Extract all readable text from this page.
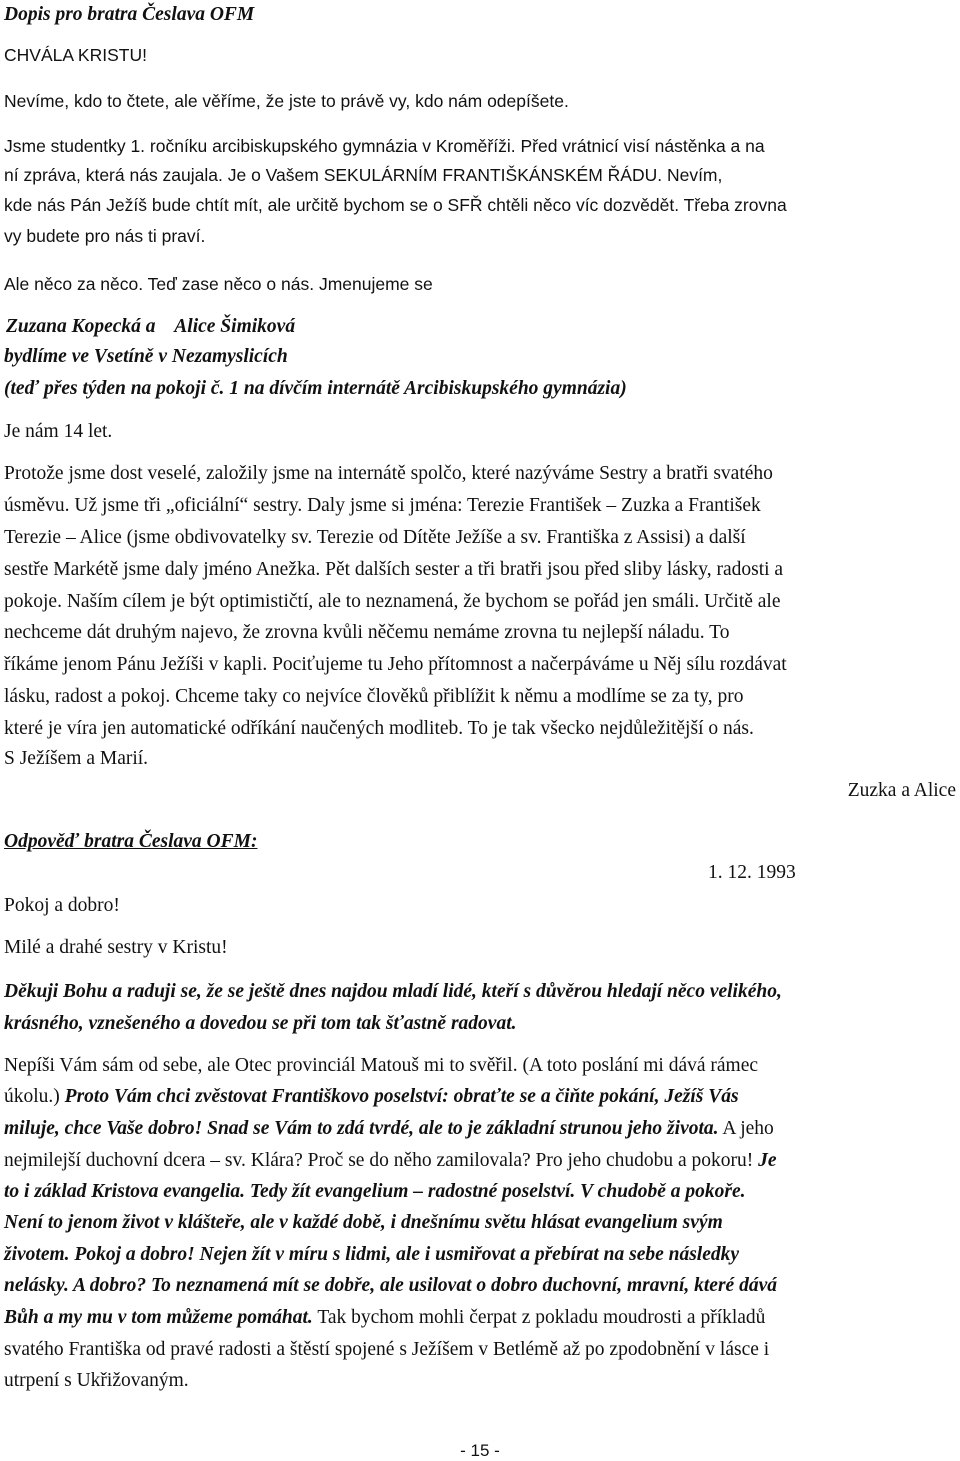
Dopis pro bratra Česlava OFM
CHVÁLA KRISTU!
Nevíme, kdo to čtete, ale věříme, že jste to právě vy, kdo nám odepíšete.
Jsme studentky 1. ročníku arcibiskupského gymnázia v Kroměříži. Před vrátnicí visí nástěnka a na
ní zpráva, která nás zaujala. Je o Vašem SEKULÁRNÍM FRANTIŠKÁNSKÉM ŘÁDU. Nevím,
kde nás Pán Ježíš bude chtít mít, ale určitě bychom se o SFŘ chtěli něco víc dozvědět. Třeba zrovna
vy budete pro nás ti praví.
Ale něco za něco. Teď zase něco o nás. Jmenujeme se
Zuzana Kopecká a    Alice Šimiková
bydlíme ve Vsetíně v Nezamyslicích
(teď přes týden na pokoji č. 1 na dívčím internátě Arcibiskupského gymnázia)
Je nám 14 let.
Protože jsme dost veselé, založily jsme na internátě spolčo, které nazýváme Sestry a bratři svatého
úsměvu. Už jsme tři „oficiální“ sestry. Daly jsme si jména: Terezie František – Zuzka a František
Terezie – Alice (jsme obdivovatelky sv. Terezie od Dítěte Ježíše a sv. Františka z Assisi) a další
sestře Markétě jsme daly jméno Anežka. Pět dalších sester a tři bratři jsou před sliby lásky, radosti a
pokoje. Naším cílem je být optimističtí, ale to neznamená, že bychom se pořád jen smáli. Určitě ale
nechceme dát druhým najevo, že zrovna kvůli něčemu nemáme zrovna tu nejlepší náladu. To
říkáme jenom Pánu Ježíši v kapli. Pociťujeme tu Jeho přítomnost a načerpáváme u Něj sílu rozdávat
lásku, radost a pokoj. Chceme taky co nejvíce člověků přiblížit k němu a modlíme se za ty, pro
které je víra jen automatické odříkání naučených modliteb. To je tak všecko nejdůležitější o nás.
S Ježíšem a Marií.
Zuzka a Alice
Odpověď bratra Česlava OFM:
1. 12. 1993
Pokoj a dobro!
Milé a drahé sestry v Kristu!
Děkuji Bohu a raduji se, že se ještě dnes najdou mladí lidé, kteří s důvěrou hledají něco velikého,
krásného, vznešeného a dovedou se při tom tak šťastně radovat.
Nepíši Vám sám od sebe, ale Otec provinciál Matouš mi to svěřil. (A toto poslání mi dává rámec
úkolu.) Proto Vám chci zvěstovat Františkovo poselství: obraťte se a čiňte pokání, Ježíš Vás
miluje, chce Vaše dobro! Snad se Vám to zdá tvrdé, ale to je základní strunou jeho života. A jeho
nejmilejší duchovní dcera – sv. Klára? Proč se do něho zamilovala? Pro jeho chudobu a pokoru! Je
to i základ Kristova evangelia. Tedy žít evangelium – radostné poselství. V chudobě a pokoře.
Není to jenom život v klášteře, ale v každé době, i dnešnímu světu hlásat evangelium svým
životem. Pokoj a dobro! Nejen žít v míru s lidmi, ale i usmiřovat a přebírat na sebe následky
nelásky. A dobro? To neznamená mít se dobře, ale usilovat o dobro duchovní, mravní, které dává
Bůh a my mu v tom můžeme pomáhat. Tak bychom mohli čerpat z pokladu moudrosti a příkladů
svatého Františka od pravé radosti a štěstí spojené s Ježíšem v Betlémě až po zpodobnění v lásce i
utrpení s Ukřižovaným.
- 15 -
